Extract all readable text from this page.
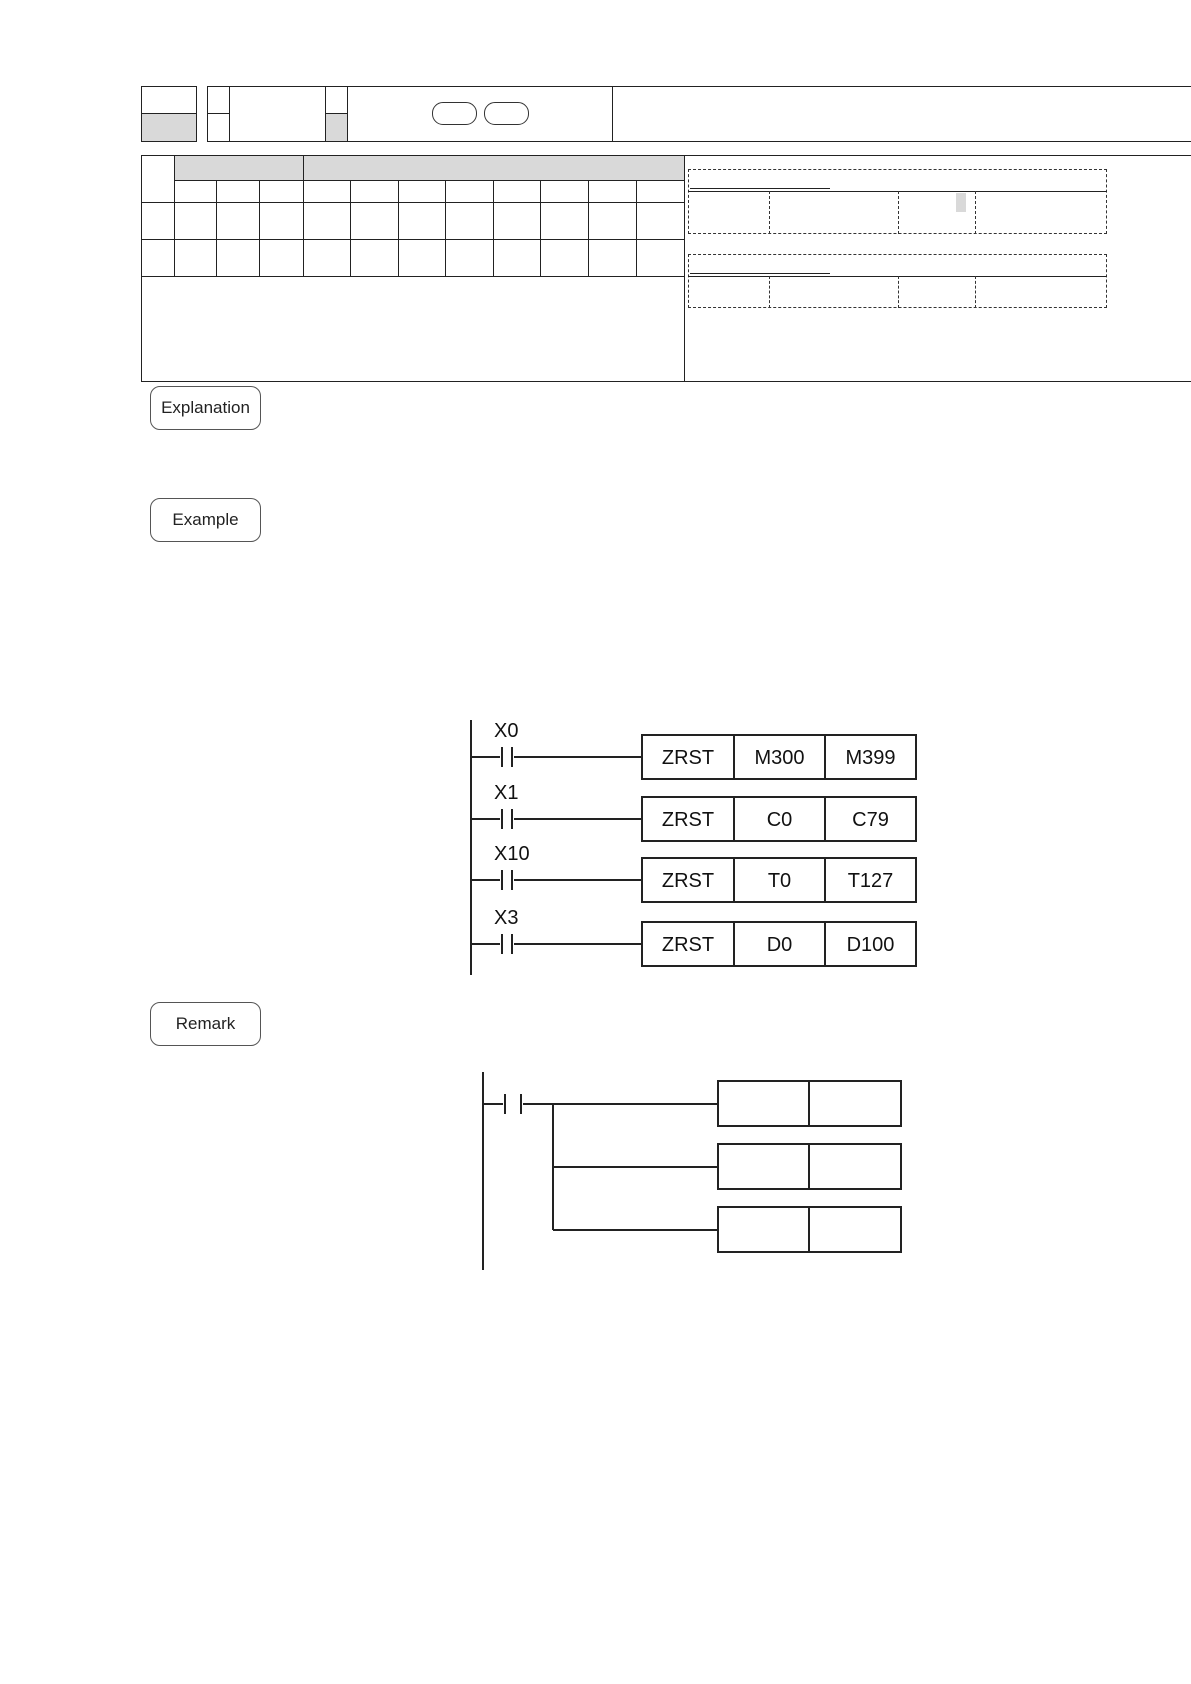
Explanation
Example
Remark
X0
ZRST M300 M399
X1
ZRST	C0	C79
X10
ZRST	T0	T127
X3
ZRST	D0	D100
